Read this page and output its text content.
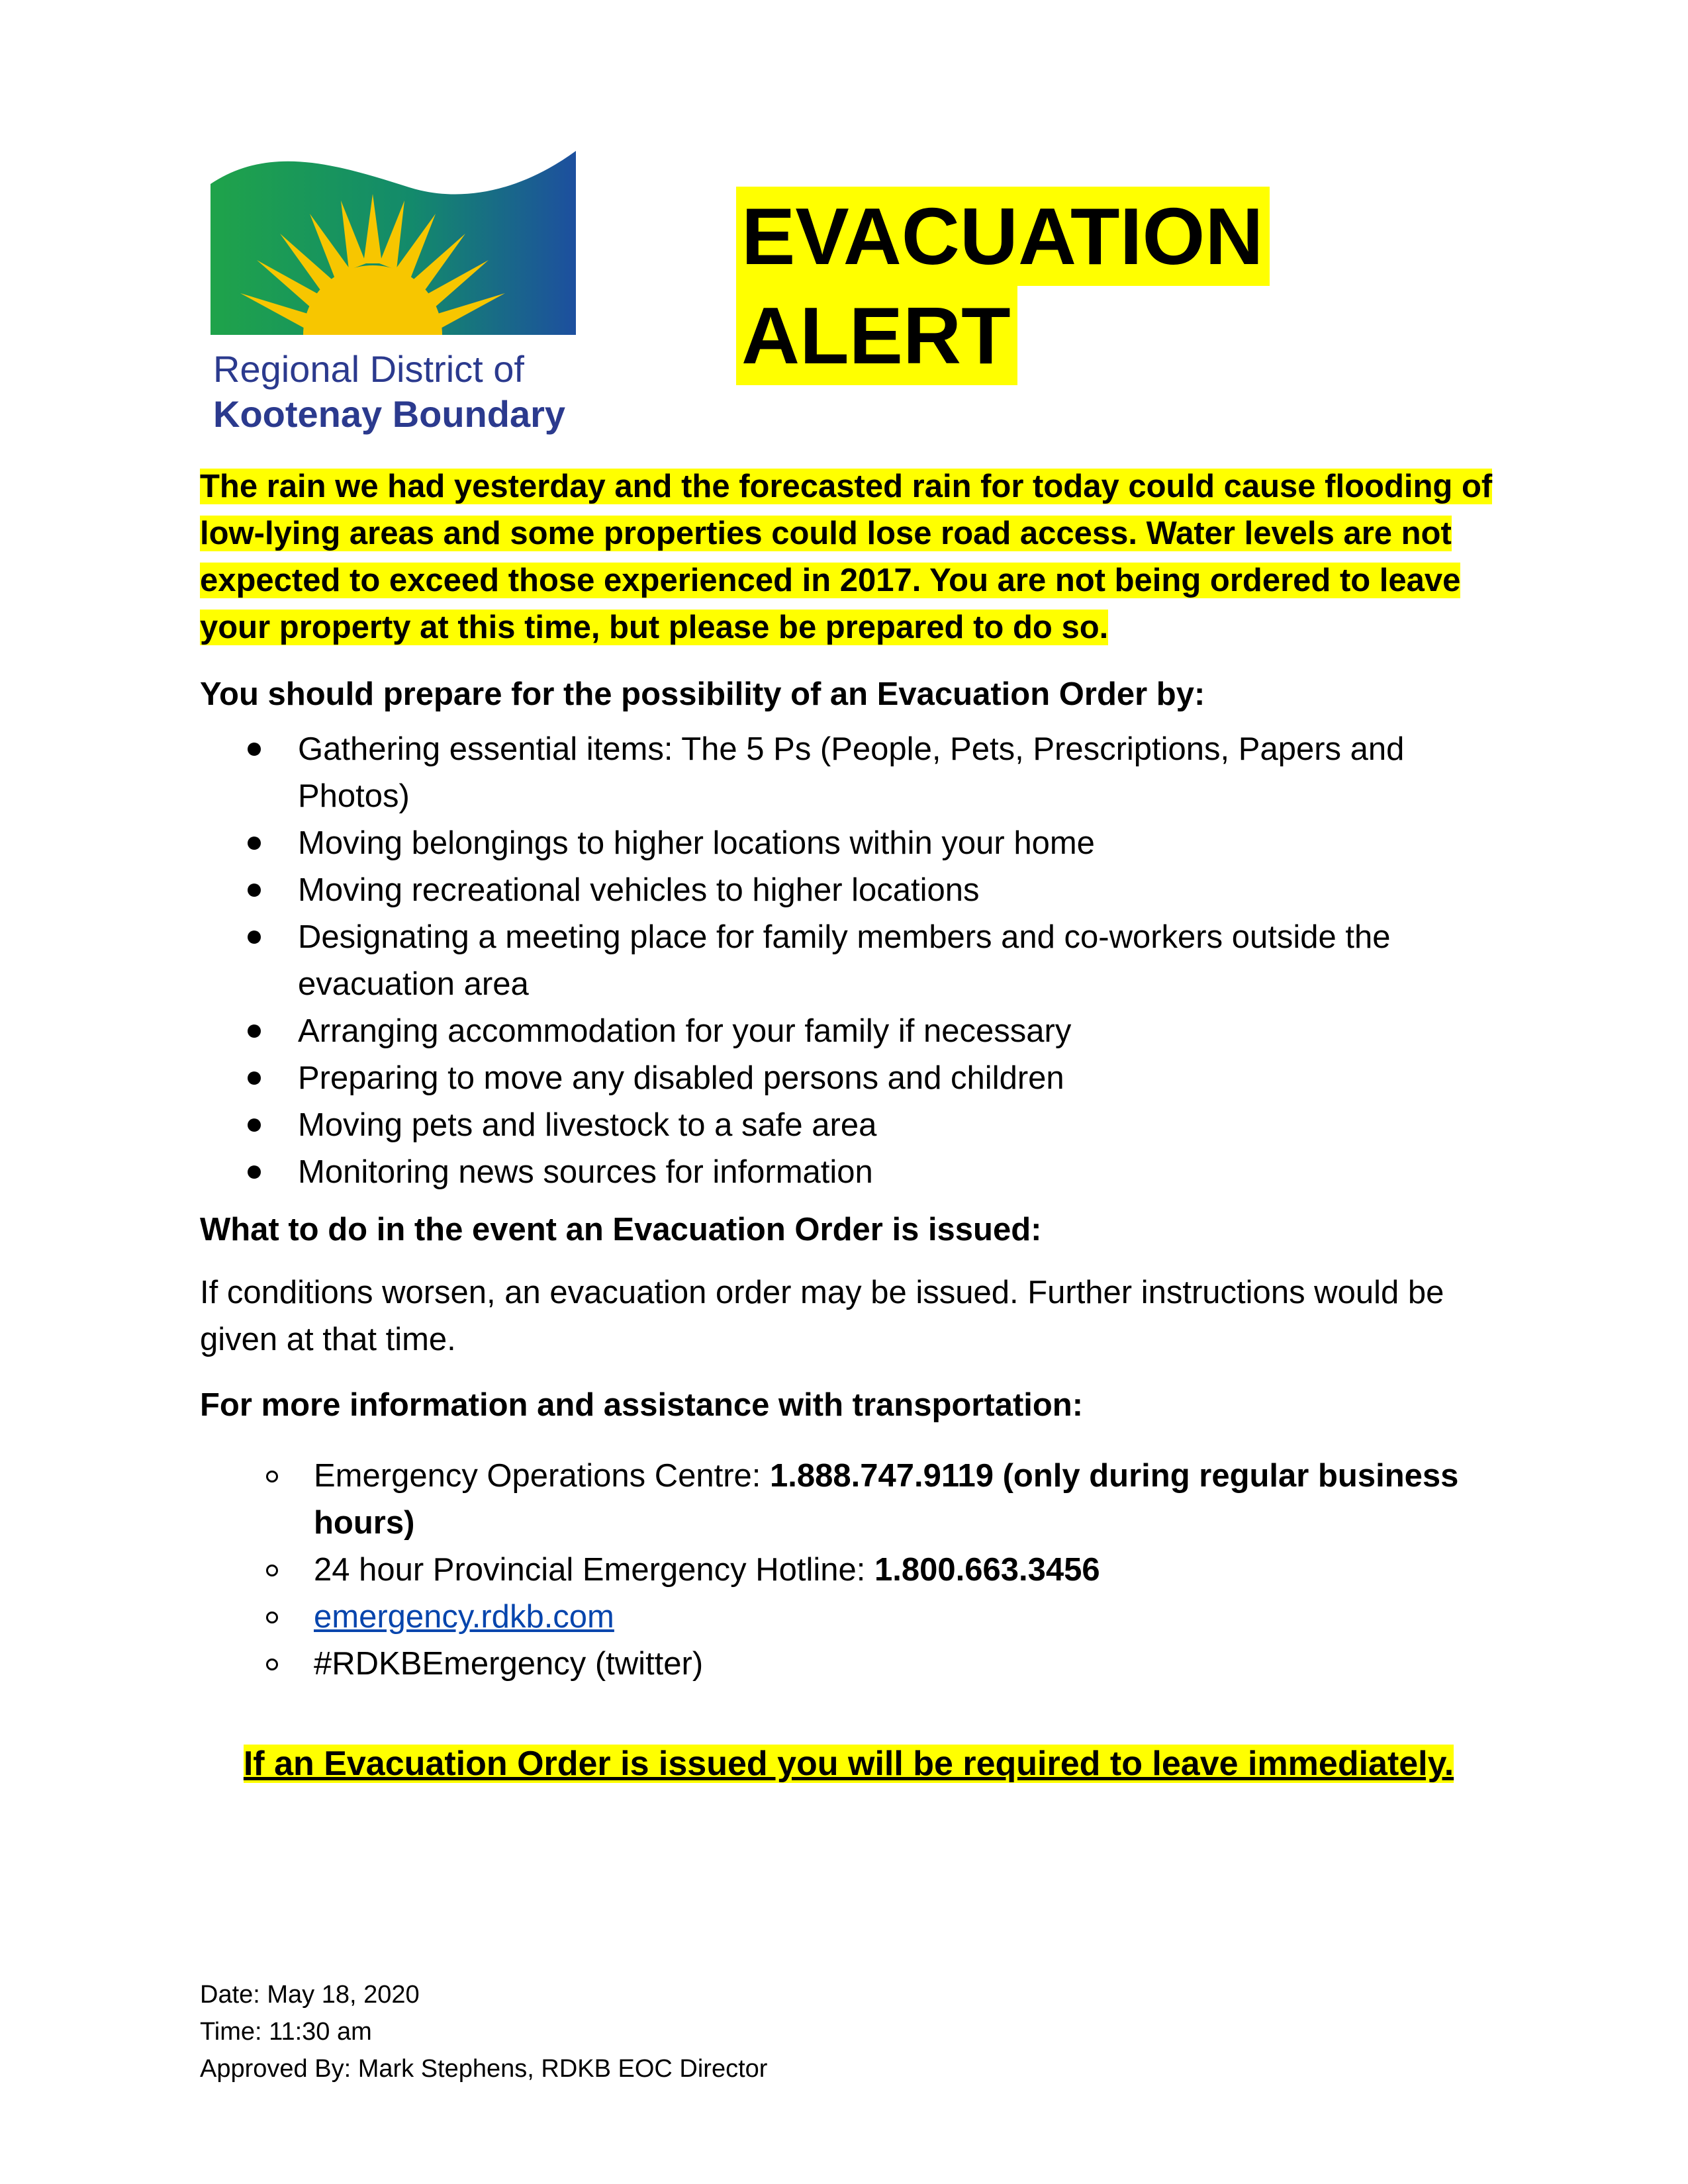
Regional District of
Kootenay Boundary
EVACUATION
ALERT

The rain we had yesterday and the forecasted rain for today could cause flooding of low-lying areas and some properties could lose road access. Water levels are not expected to exceed those experienced in 2017. You are not being ordered to leave your property at this time, but please be prepared to do so.

You should prepare for the possibility of an Evacuation Order by:

Gathering essential items: The 5 Ps (People, Pets, Prescriptions, Papers and Photos)
Moving belongings to higher locations within your home
Moving recreational vehicles to higher locations
Designating a meeting place for family members and co-workers outside the evacuation area
Arranging accommodation for your family if necessary
Preparing to move any disabled persons and children
Moving pets and livestock to a safe area
Monitoring news sources for information

What to do in the event an Evacuation Order is issued:

If conditions worsen, an evacuation order may be issued. Further instructions would be given at that time.

For more information and assistance with transportation:

Emergency Operations Centre: 1.888.747.9119 (only during regular business hours)
24 hour Provincial Emergency Hotline: 1.800.663.3456
emergency.rdkb.com
#RDKBEmergency (twitter)

If an Evacuation Order is issued you will be required to leave immediately.

Date: May 18, 2020
Time: 11:30 am
Approved By: Mark Stephens, RDKB EOC Director
